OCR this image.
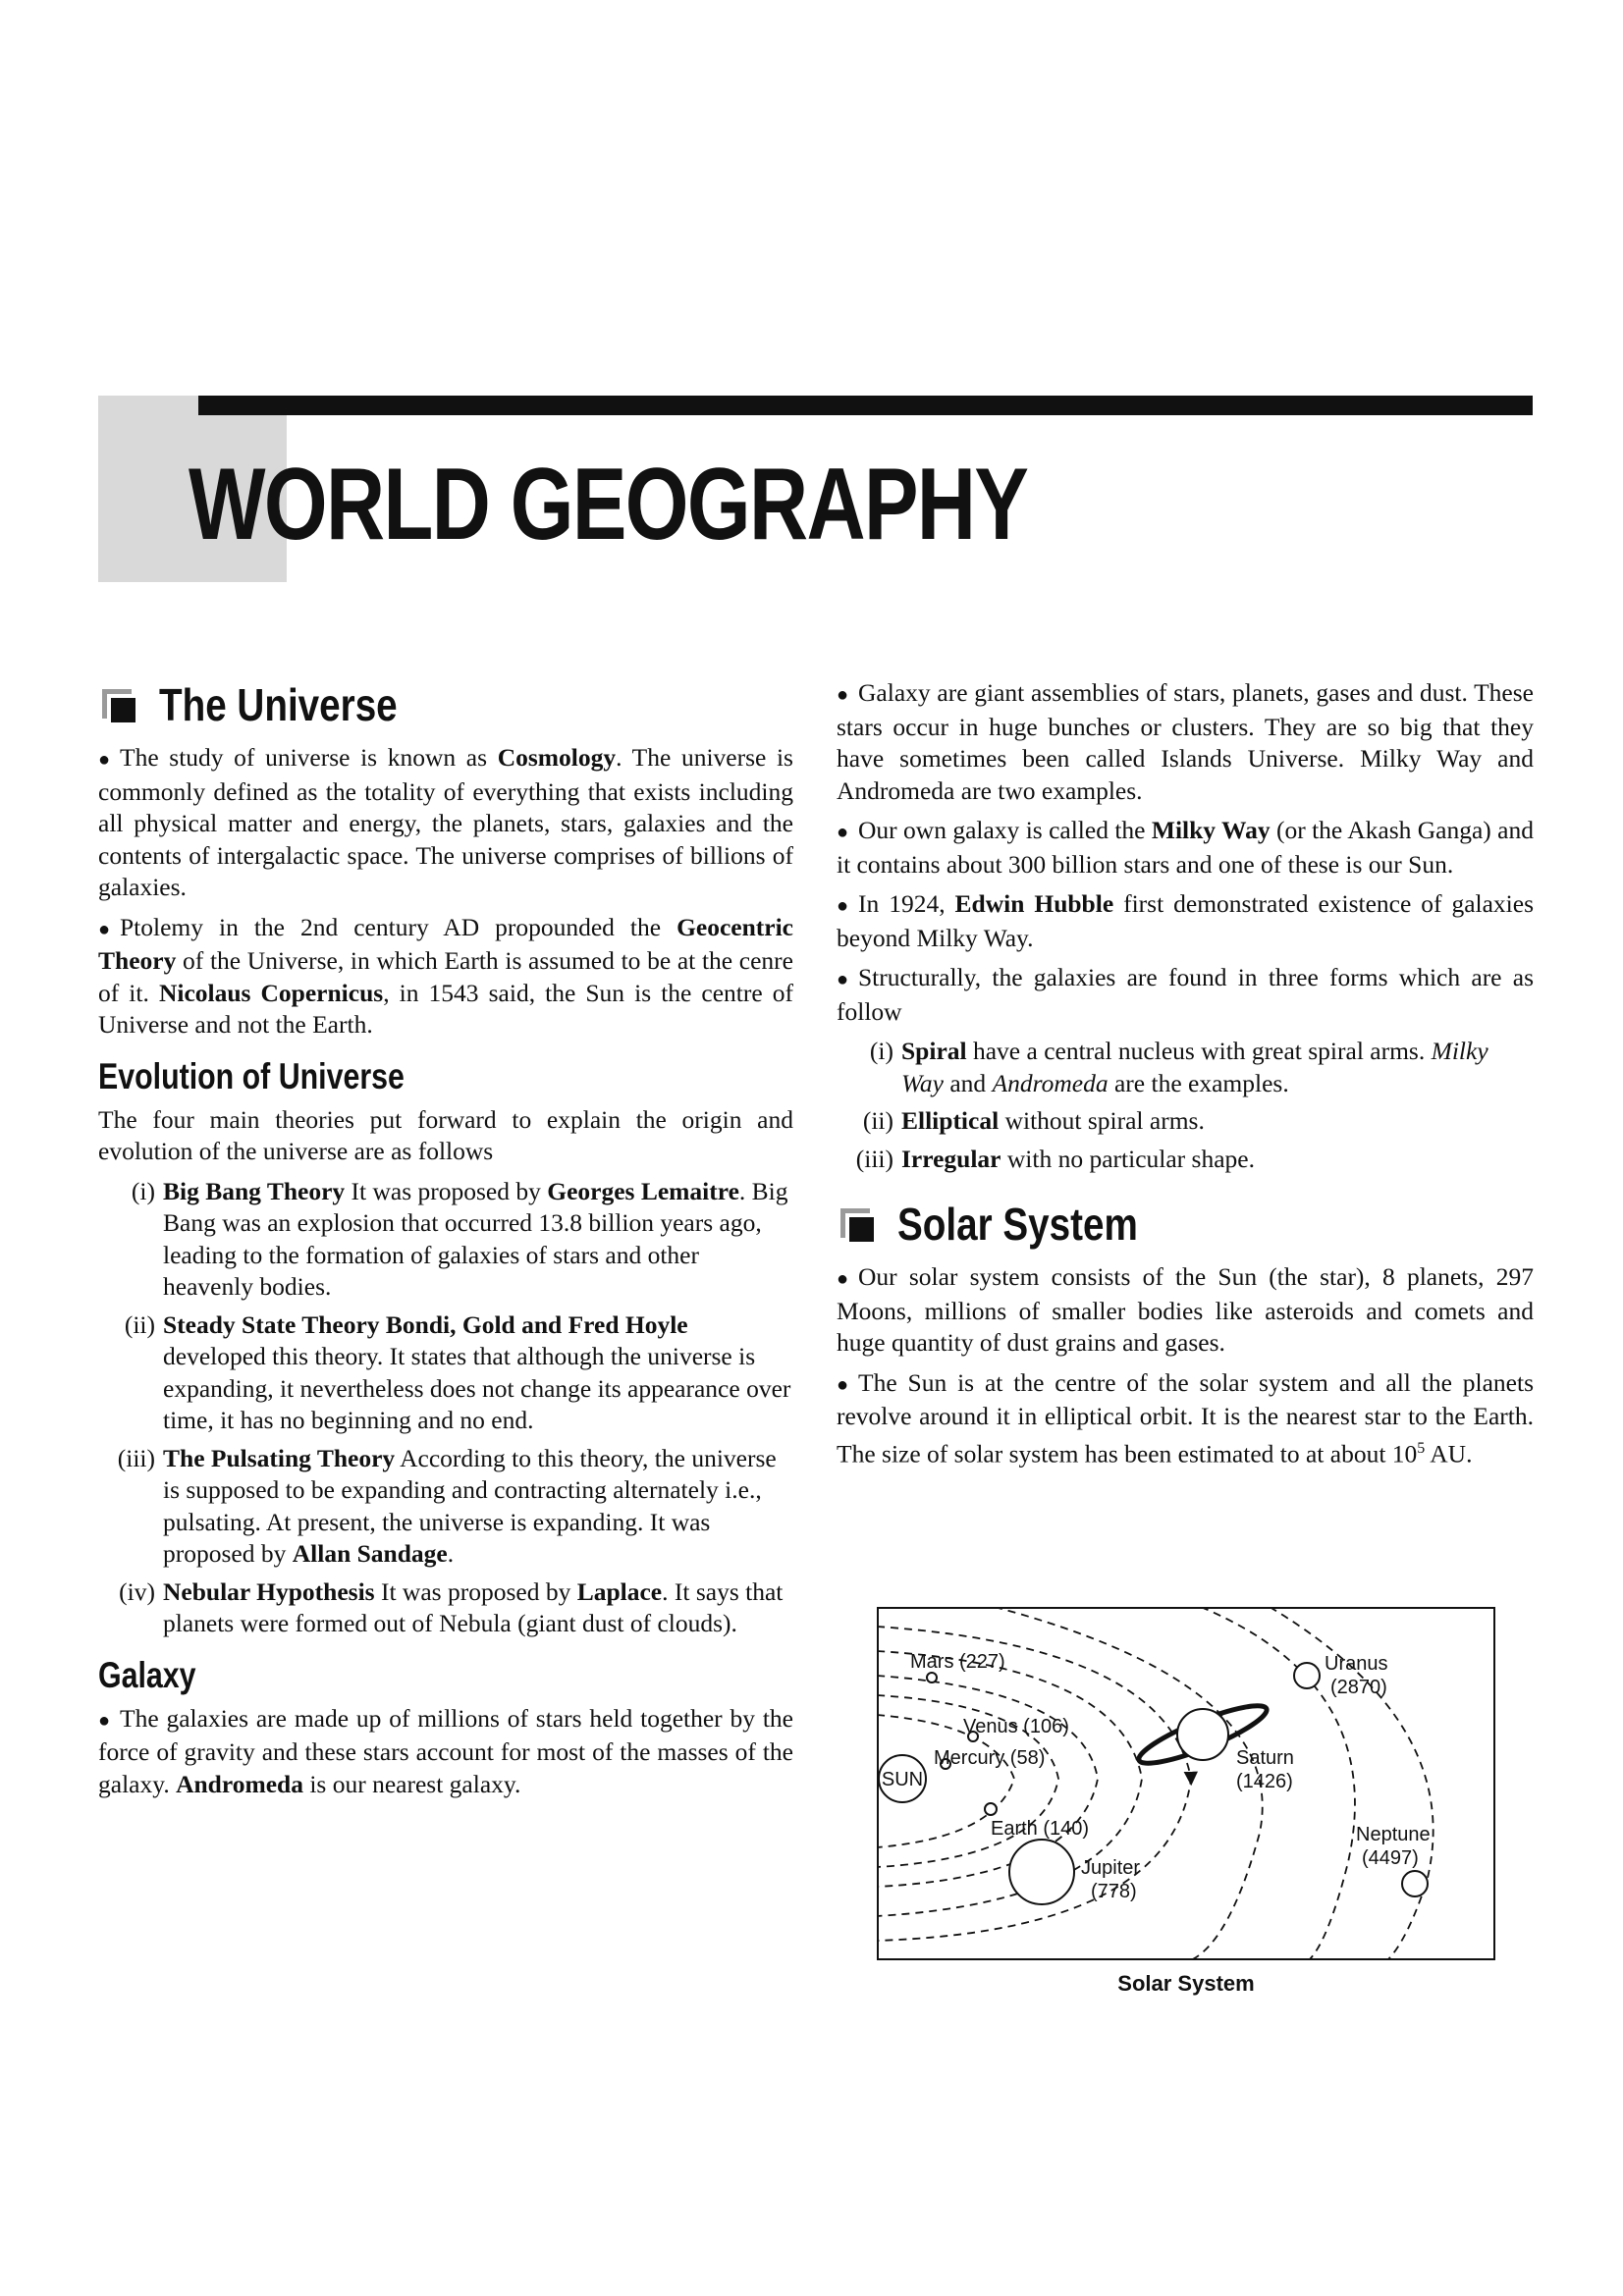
WORLD GEOGRAPHY
The Universe

● The study of universe is known as Cosmology. The universe is commonly defined as the totality of everything that exists including all physical matter and energy, the planets, stars, galaxies and the contents of intergalactic space. The universe comprises of billions of galaxies.

● Ptolemy in the 2nd century AD propounded the Geocentric Theory of the Universe, in which Earth is assumed to be at the cenre of it. Nicolaus Copernicus, in 1543 said, the Sun is the centre of Universe and not the Earth.

Evolution of Universe

The four main theories put forward to explain the origin and evolution of the universe are as follows

(i) Big Bang Theory It was proposed by Georges Lemaitre. Big Bang was an explosion that occurred 13.8 billion years ago, leading to the formation of galaxies of stars and other heavenly bodies.
(ii) Steady State Theory Bondi, Gold and Fred Hoyle developed this theory. It states that although the universe is expanding, it nevertheless does not change its appearance over time, it has no beginning and no end.
(iii) The Pulsating Theory According to this theory, the universe is supposed to be expanding and contracting alternately i.e., pulsating. At present, the universe is expanding. It was proposed by Allan Sandage.
(iv) Nebular Hypothesis It was proposed by Laplace. It says that planets were formed out of Nebula (giant dust of clouds).
Galaxy

● The galaxies are made up of millions of stars held together by the force of gravity and these stars account for most of the masses of the galaxy. Andromeda is our nearest galaxy.

● Galaxy are giant assemblies of stars, planets, gases and dust. These stars occur in huge bunches or clusters. They are so big that they have sometimes been called Islands Universe. Milky Way and Andromeda are two examples.

● Our own galaxy is called the Milky Way (or the Akash Ganga) and it contains about 300 billion stars and one of these is our Sun.

● In 1924, Edwin Hubble first demonstrated existence of galaxies beyond Milky Way.

● Structurally, the galaxies are found in three forms which are as follow

(i) Spiral have a central nucleus with great spiral arms. Milky Way and Andromeda are the examples.
(ii) Elliptical without spiral arms.
(iii) Irregular with no particular shape.
Solar System

● Our solar system consists of the Sun (the star), 8 planets, 297 Moons, millions of smaller bodies like asteroids and comets and huge quantity of dust grains and gases.

● The Sun is at the centre of the solar system and all the planets revolve around it in elliptical orbit. It is the nearest star to the Earth. The size of solar system has been estimated to at about $10^5$ AU.

SUN
Mercury (58)
Venus (106)
Earth (140)
Mars (227)
Jupiter (778)
Saturn (1426)
Uranus (2870)
Neptune (4497)
Solar System
